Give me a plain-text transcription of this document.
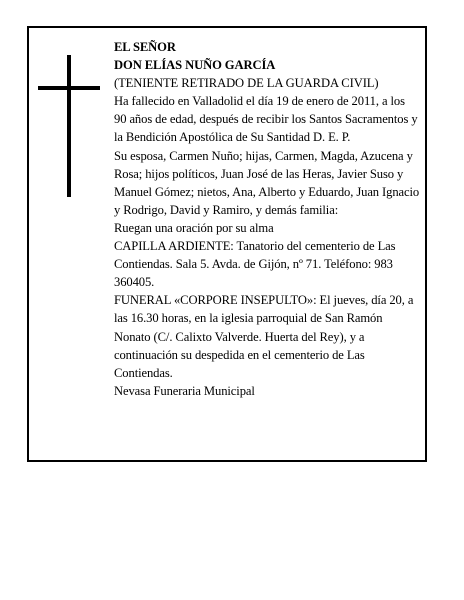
EL SEÑOR

DON ELÍAS NUÑO GARCÍA

(TENIENTE RETIRADO DE LA GUARDA CIVIL)

Ha fallecido en Valladolid el día 19 de enero de 2011, a los 90 años de edad, después de recibir los Santos Sacramentos y la Bendición Apostólica de Su Santidad D. E. P.

Su esposa, Carmen Nuño; hijas, Carmen, Magda, Azucena y Rosa; hijos políticos, Juan José de las Heras, Javier Suso y Manuel Gómez; nietos, Ana, Alberto y Eduardo, Juan Ignacio y Rodrigo, David y Ramiro, y demás familia:

Ruegan una oración por su alma

CAPILLA ARDIENTE: Tanatorio del cementerio de Las Contiendas. Sala 5. Avda. de Gijón, nº 71. Teléfono: 983 360405.

FUNERAL «CORPORE INSEPULTO»: El jueves, día 20, a las 16.30 horas, en la iglesia parroquial de San Ramón Nonato (C/. Calixto Valverde. Huerta del Rey), y a continuación su despedida en el cementerio de Las Contiendas.

Nevasa Funeraria Municipal
